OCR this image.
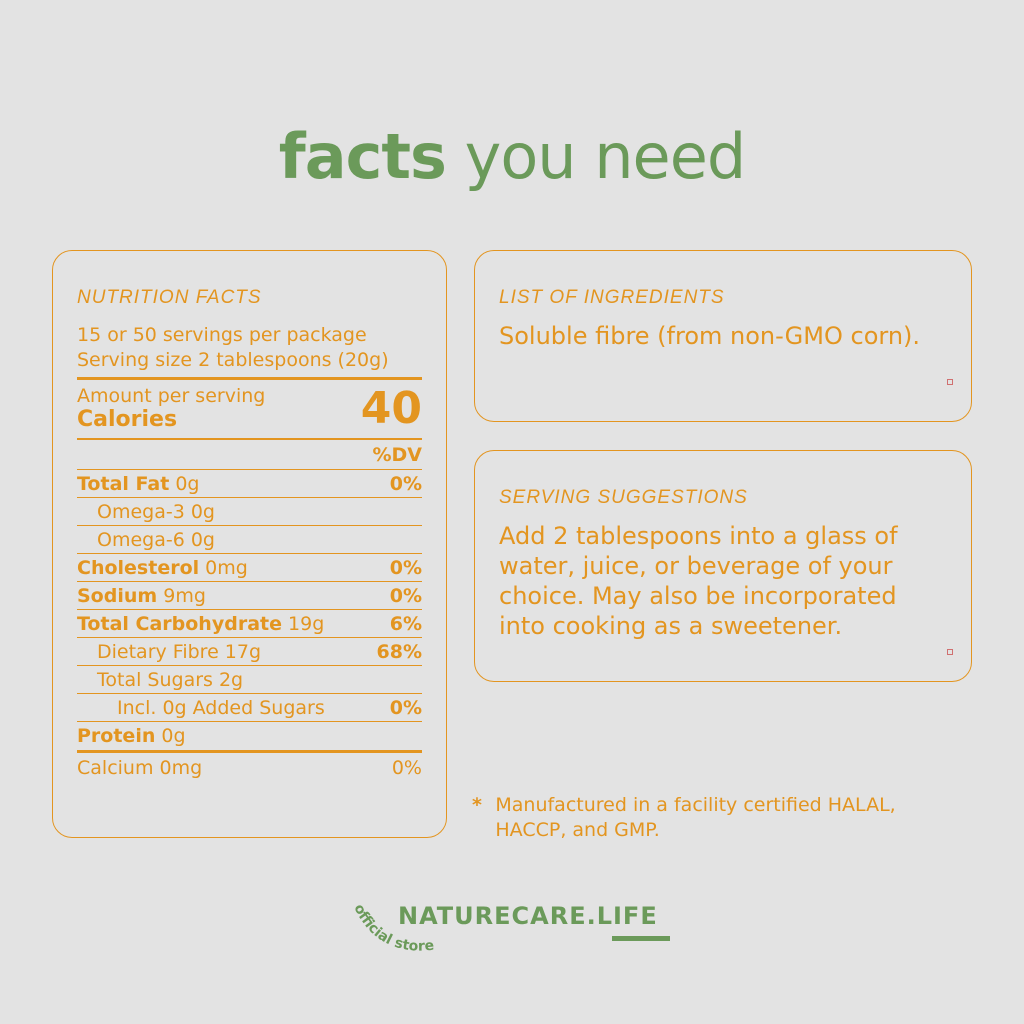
facts you need
NUTRITION FACTS
15 or 50 servings per package
Serving size 2 tablespoons (20g)
Amount per serving
Calories	40
%DV
Total Fat 0g	0%
Omega-3 0g
Omega-6 0g
Cholesterol 0mg	0%
Sodium 9mg	0%
Total Carbohydrate 19g	6%
Dietary Fibre 17g	68%
Total Sugars 2g
Incl. 0g Added Sugars	0%
Protein 0g
Calcium 0mg	0%
LIST OF INGREDIENTS
Soluble fibre (from non-GMO corn).
SERVING SUGGESTIONS
Add 2 tablespoons into a glass of water, juice, or beverage of your choice. May also be incorporated into cooking as a sweetener.
* Manufactured in a facility certified HALAL, HACCP, and GMP.
official store
NATURECARE.LIFE
